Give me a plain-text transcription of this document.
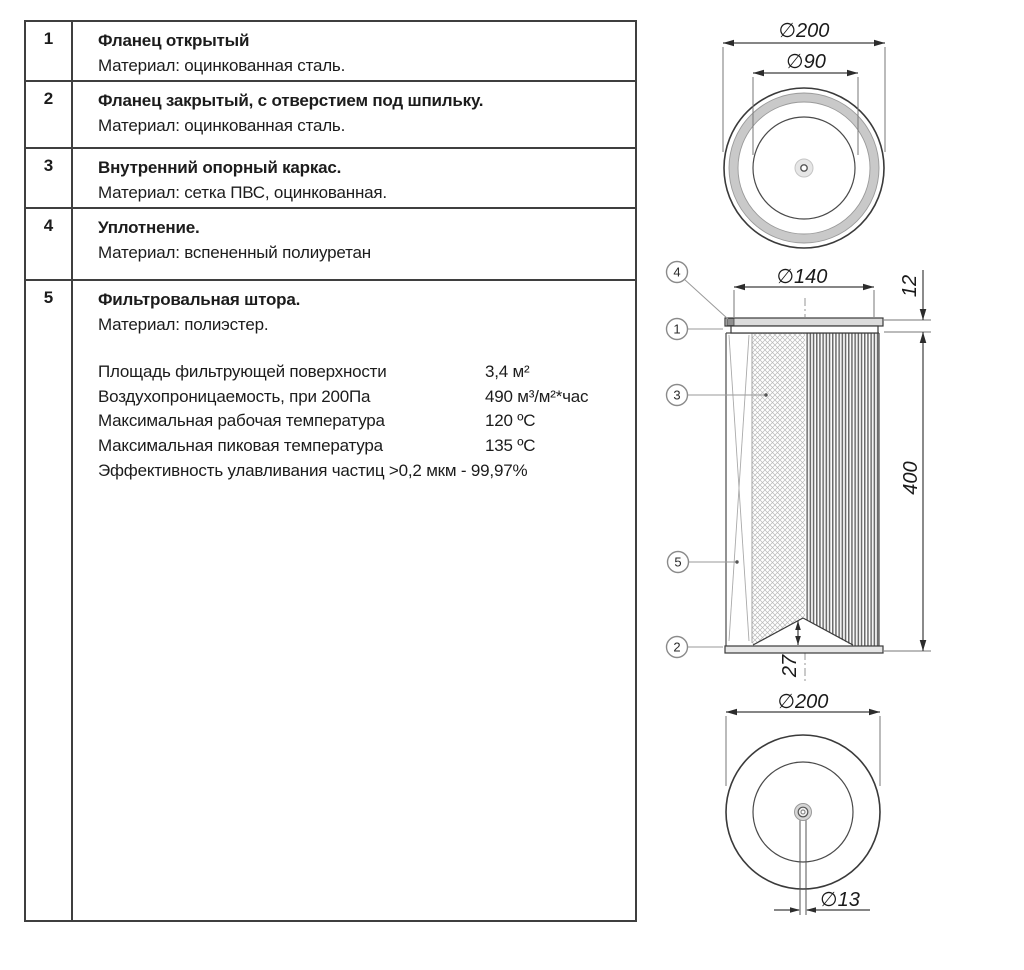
1	Фланец открытый
Материал: оцинкованная сталь.
2	Фланец закрытый, с отверстием под шпильку.
Материал: оцинкованная сталь.
3	Внутренний опорный каркас.
Материал: сетка ПВС, оцинкованная.
4	Уплотнение.
Материал: вспененный полиуретан
5	Фильтровальная штора.
Материал: полиэстер.
Площадь фильтрующей поверхности	3,4 м²
Воздухопроницаемость, при 200Па	490 м³/м²*час
Максимальная рабочая температура	120 ºС
Максимальная пиковая температура	135 ºС
Эффективность улавливания частиц >0,2 мкм - 99,97%
∅200
∅90
∅140	12
400
27
4
1
3
5
2
∅200
∅13
